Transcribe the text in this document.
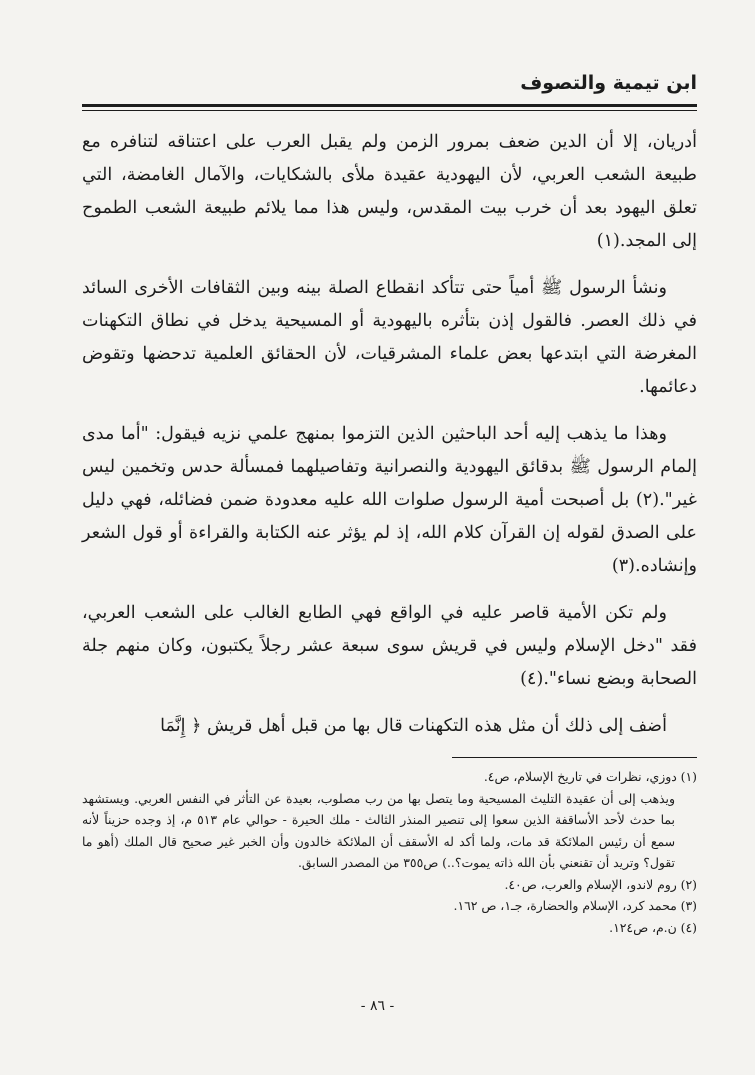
ابن تيمية والتصوف

أدريان، إلا أن الدين ضعف بمرور الزمن ولم يقبل العرب على اعتناقه لتنافره مع طبيعة الشعب العربي، لأن اليهودية عقيدة ملأى بالشكايات، والآمال الغامضة، التي تعلق اليهود بعد أن خرب بيت المقدس، وليس هذا مما يلائم طبيعة الشعب الطموح إلى المجد.(١)

ونشأ الرسول ﷺ أمياً حتى تتأكد انقطاع الصلة بينه وبين الثقافات الأخرى السائد في ذلك العصر. فالقول إذن بتأثره باليهودية أو المسيحية يدخل في نطاق التكهنات المغرضة التي ابتدعها بعض علماء المشرقيات، لأن الحقائق العلمية تدحضها وتقوض دعائمها.

وهذا ما يذهب إليه أحد الباحثين الذين التزموا بمنهج علمي نزيه فيقول: "أما مدى إلمام الرسول ﷺ بدقائق اليهودية والنصرانية وتفاصيلهما فمسألة حدس وتخمين ليس غير".(٢) بل أصبحت أمية الرسول صلوات الله عليه معدودة ضمن فضائله، فهي دليل على الصدق لقوله إن القرآن كلام الله، إذ لم يؤثر عنه الكتابة والقراءة أو قول الشعر وإنشاده.(٣)

ولم تكن الأمية قاصر عليه في الواقع فهي الطابع الغالب على الشعب العربي، فقد "دخل الإسلام وليس في قريش سوى سبعة عشر رجلاً يكتبون، وكان منهم جلة الصحابة وبضع نساء".(٤)

أضف إلى ذلك أن مثل هذه التكهنات قال بها من قبل أهل قريش ﴿ إِنَّمَا

(١) دوزي، نظرات في تاريخ الإسلام، ص٤.

ويذهب إلى أن عقيدة التليث المسيحية وما يتصل بها من رب مصلوب، بعيدة عن التأثر في النفس العربي. ويستشهد بما حدث لأحد الأساقفة الذين سعوا إلى تنصير المنذر الثالث - ملك الحيرة - حوالي عام ٥١٣ م، إذ وجده حزيناً لأنه سمع أن رئيس الملائكة قد مات، ولما أكد له الأسقف أن الملائكة خالدون وأن الخبر غير صحيح قال الملك (أهو ما تقول؟ وتريد أن تقنعني بأن الله ذاته يموت؟..) ص٣٥٥ من المصدر السابق.

(٢) روم لاندو، الإسلام والعرب، ص٤٠.

(٣) محمد كرد، الإسلام والحضارة، جـ١، ص ١٦٢.

(٤) ن.م، ص١٢٤.

- ٨٦ -
